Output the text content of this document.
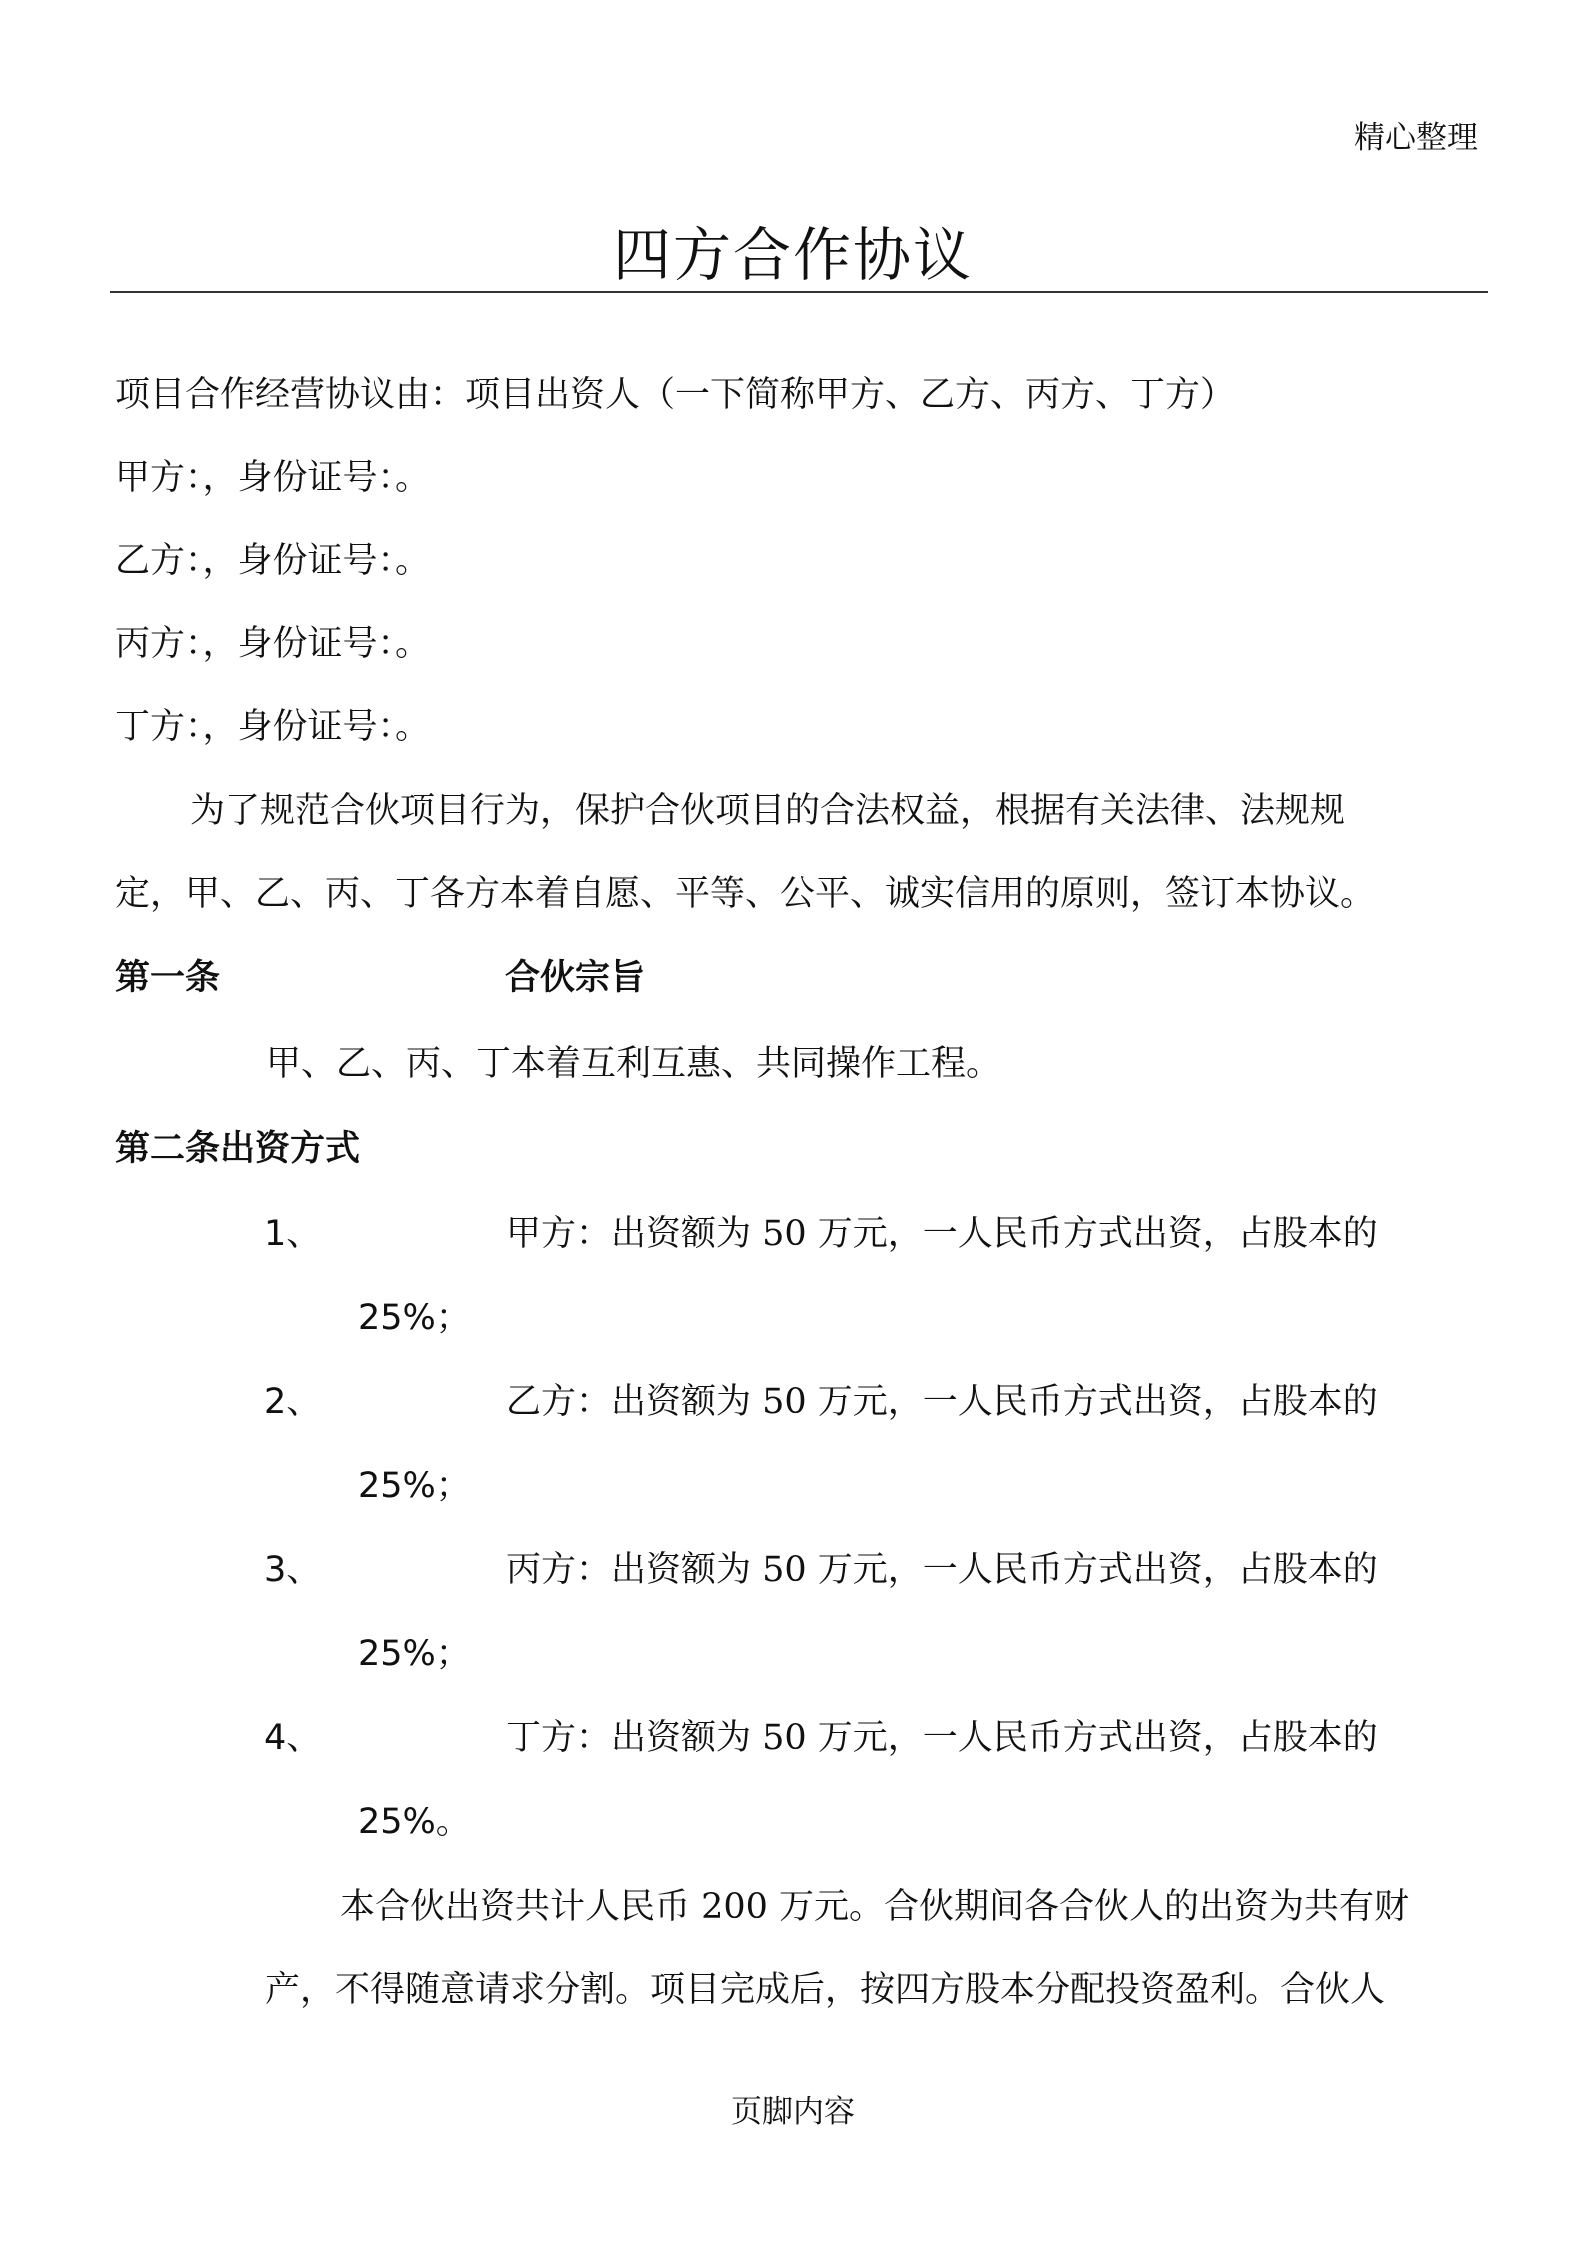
精心整理
四方合作协议
项目合作经营协议由：项目出资人（一下简称甲方、乙方、丙方、丁方）
甲方：，身份证号：。
乙方：，身份证号：。
丙方：，身份证号：。
丁方：，身份证号：。
为了规范合伙项目行为，保护合伙项目的合法权益，根据有关法律、法规规
定，甲、乙、丙、丁各方本着自愿、平等、公平、诚实信用的原则，签订本协议。
第一条	合伙宗旨
甲、乙、丙、丁本着互利互惠、共同操作工程。
第二条出资方式
1、	甲方：出资额为 50 万元，一人民币方式出资，占股本的
25%；
2、	乙方：出资额为 50 万元，一人民币方式出资，占股本的
25%；
3、	丙方：出资额为 50 万元，一人民币方式出资，占股本的
25%；
4、	丁方：出资额为 50 万元，一人民币方式出资，占股本的
25%。
本合伙出资共计人民币 200 万元。合伙期间各合伙人的出资为共有财
产，不得随意请求分割。项目完成后，按四方股本分配投资盈利。合伙人
页脚内容
